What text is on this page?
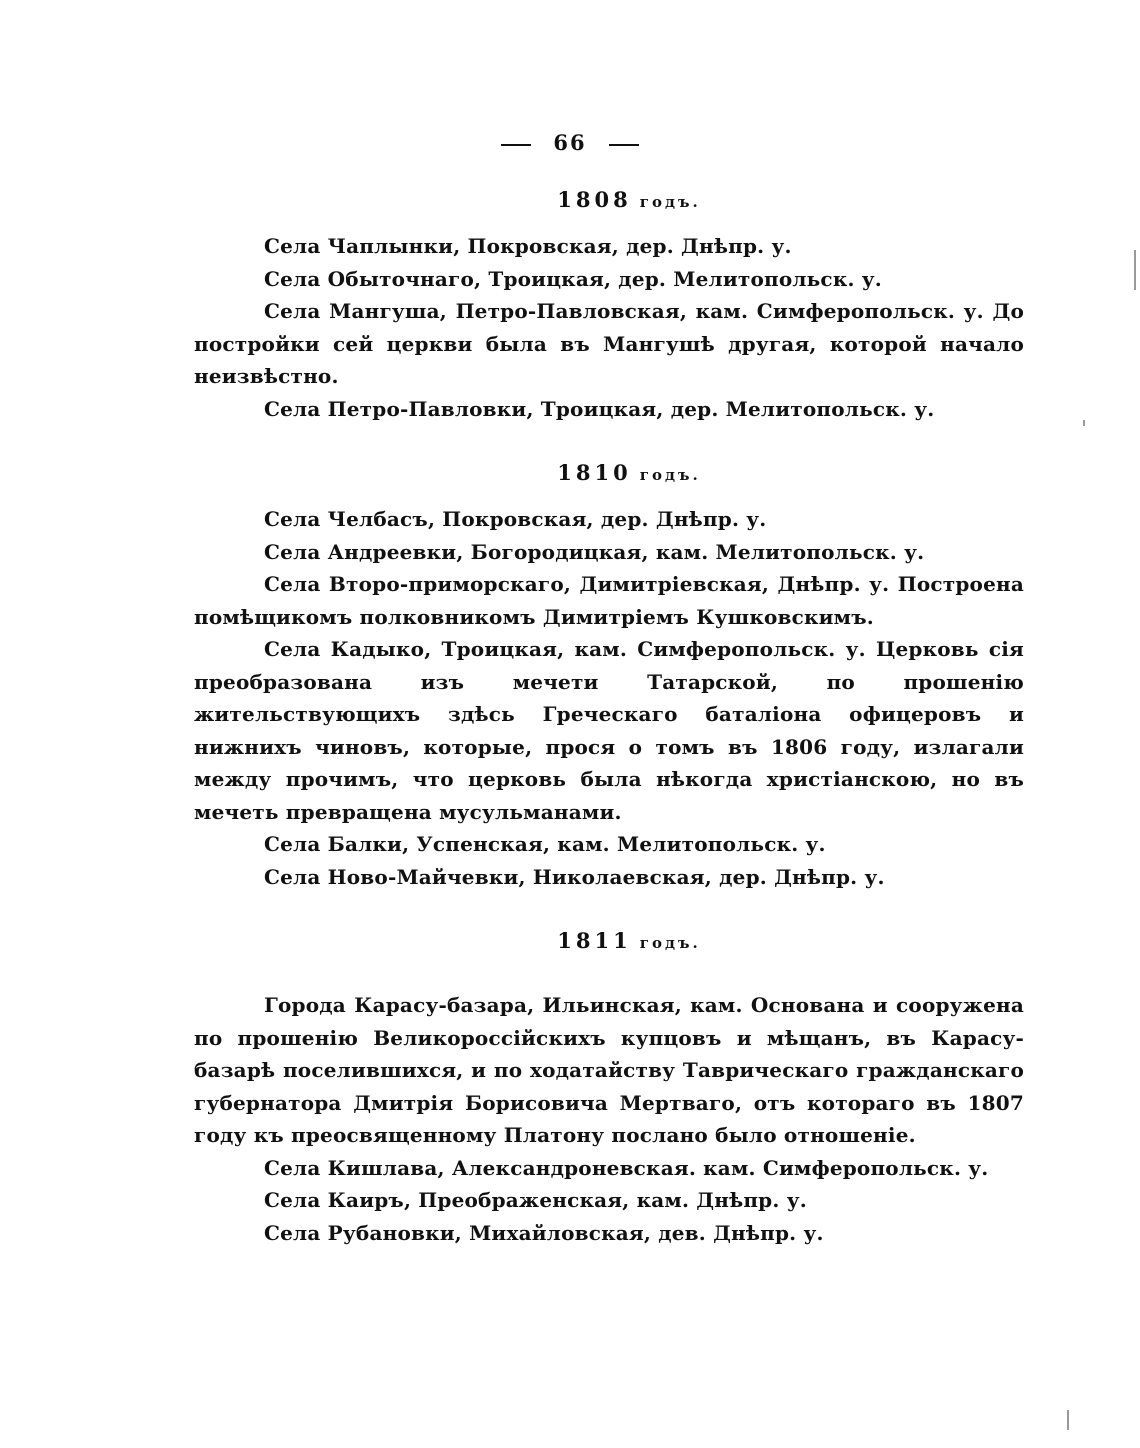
66
1808 годъ.

Села Чаплынки, Покровская, дер. Днѣпр. у.

Села Обыточнаго, Троицкая, дер. Мелитопольск. у.

Села Мангуша, Петро-Павловская, кам. Симферопольск. у. До постройки сей церкви была въ Мангушѣ другая, которой начало неизвѣстно.

Села Петро-Павловки, Троицкая, дер. Мелитопольск. у.

1810 годъ.

Села Челбасъ, Покровская, дер. Днѣпр. у.

Села Андреевки, Богородицкая, кам. Мелитопольск. у.

Села Второ-приморскаго, Димитріевская, Днѣпр. у. Построена помѣщикомъ полковникомъ Димитріемъ Кушковскимъ.

Села Кадыко, Троицкая, кам. Симферопольск. у. Церковь сія преобразована изъ мечети Татарской, по прошенію жительствующихъ здѣсь Греческаго баталіона офицеровъ и нижнихъ чиновъ, которые, прося о томъ въ 1806 году, излагали между прочимъ, что церковь была нѣкогда христіанскою, но въ мечеть превращена мусульманами.

Села Балки, Успенская, кам. Мелитопольск. у.

Села Ново-Майчевки, Николаевская, дер. Днѣпр. у.

1811 годъ.

Города Карасу-базара, Ильинская, кам. Основана и сооружена по прошенію Великороссійскихъ купцовъ и мѣщанъ, въ Карасу-базарѣ поселившихся, и по ходатайству Таврическаго гражданскаго губернатора Дмитрія Борисовича Мертваго, отъ котораго въ 1807 году къ преосвященному Платону послано было отношеніе.

Села Кишлава, Александроневская. кам. Симферопольск. у.

Села Каиръ, Преображенская, кам. Днѣпр. у.

Села Рубановки, Михайловская, дев. Днѣпр. у.
